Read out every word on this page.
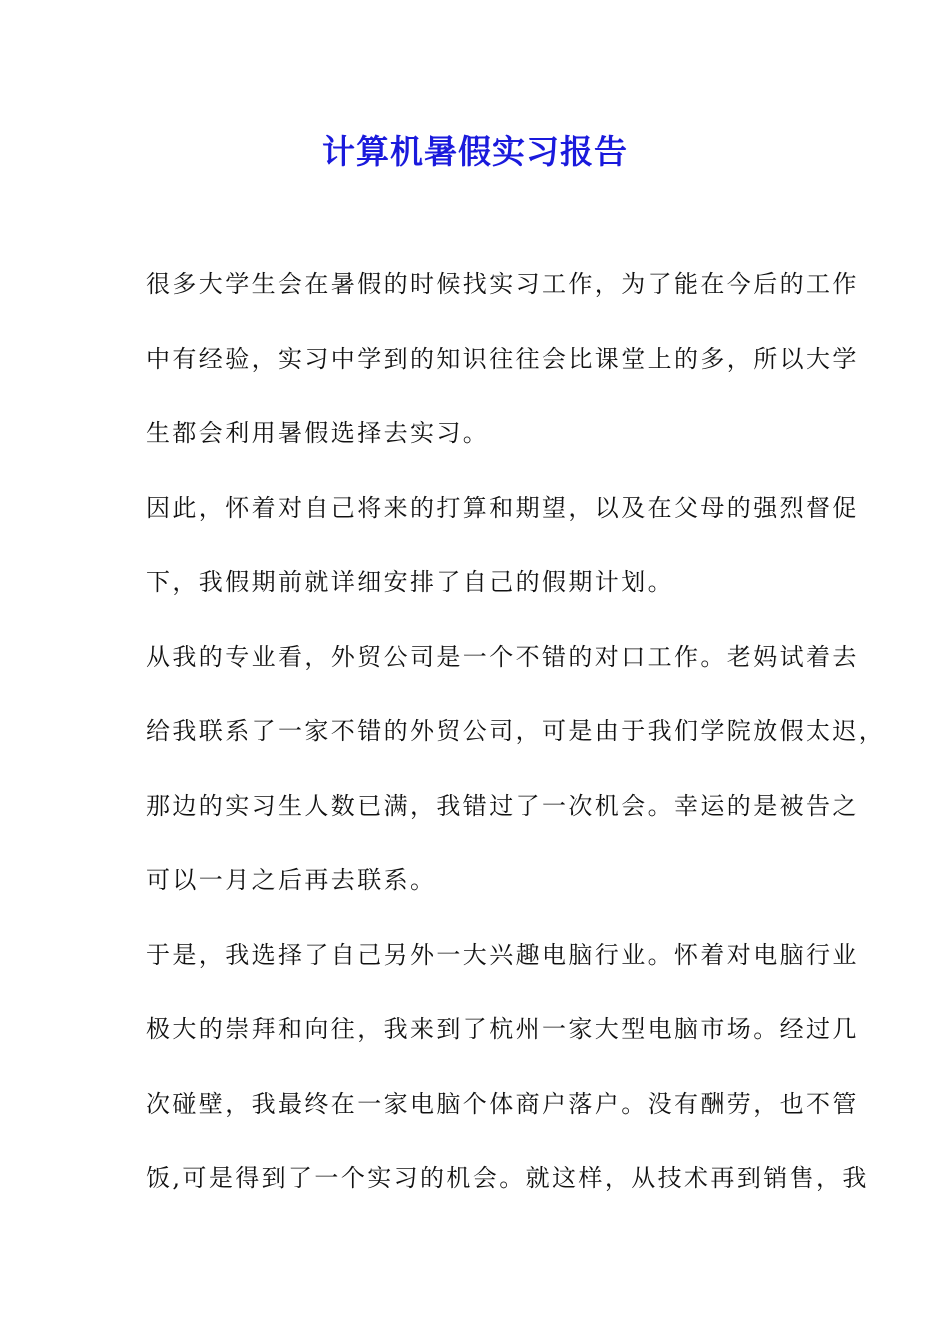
计算机暑假实习报告
很多大学生会在暑假的时候找实习工作，为了能在今后的工作
中有经验，实习中学到的知识往往会比课堂上的多，所以大学
生都会利用暑假选择去实习。
因此，怀着对自己将来的打算和期望，以及在父母的强烈督促
下，我假期前就详细安排了自己的假期计划。
从我的专业看，外贸公司是一个不错的对口工作。老妈试着去
给我联系了一家不错的外贸公司，可是由于我们学院放假太迟，
那边的实习生人数已满，我错过了一次机会。幸运的是被告之
可以一月之后再去联系。
于是，我选择了自己另外一大兴趣电脑行业。怀着对电脑行业
极大的崇拜和向往，我来到了杭州一家大型电脑市场。经过几
次碰壁，我最终在一家电脑个体商户落户。没有酬劳，也不管
饭,可是得到了一个实习的机会。就这样，从技术再到销售，我
